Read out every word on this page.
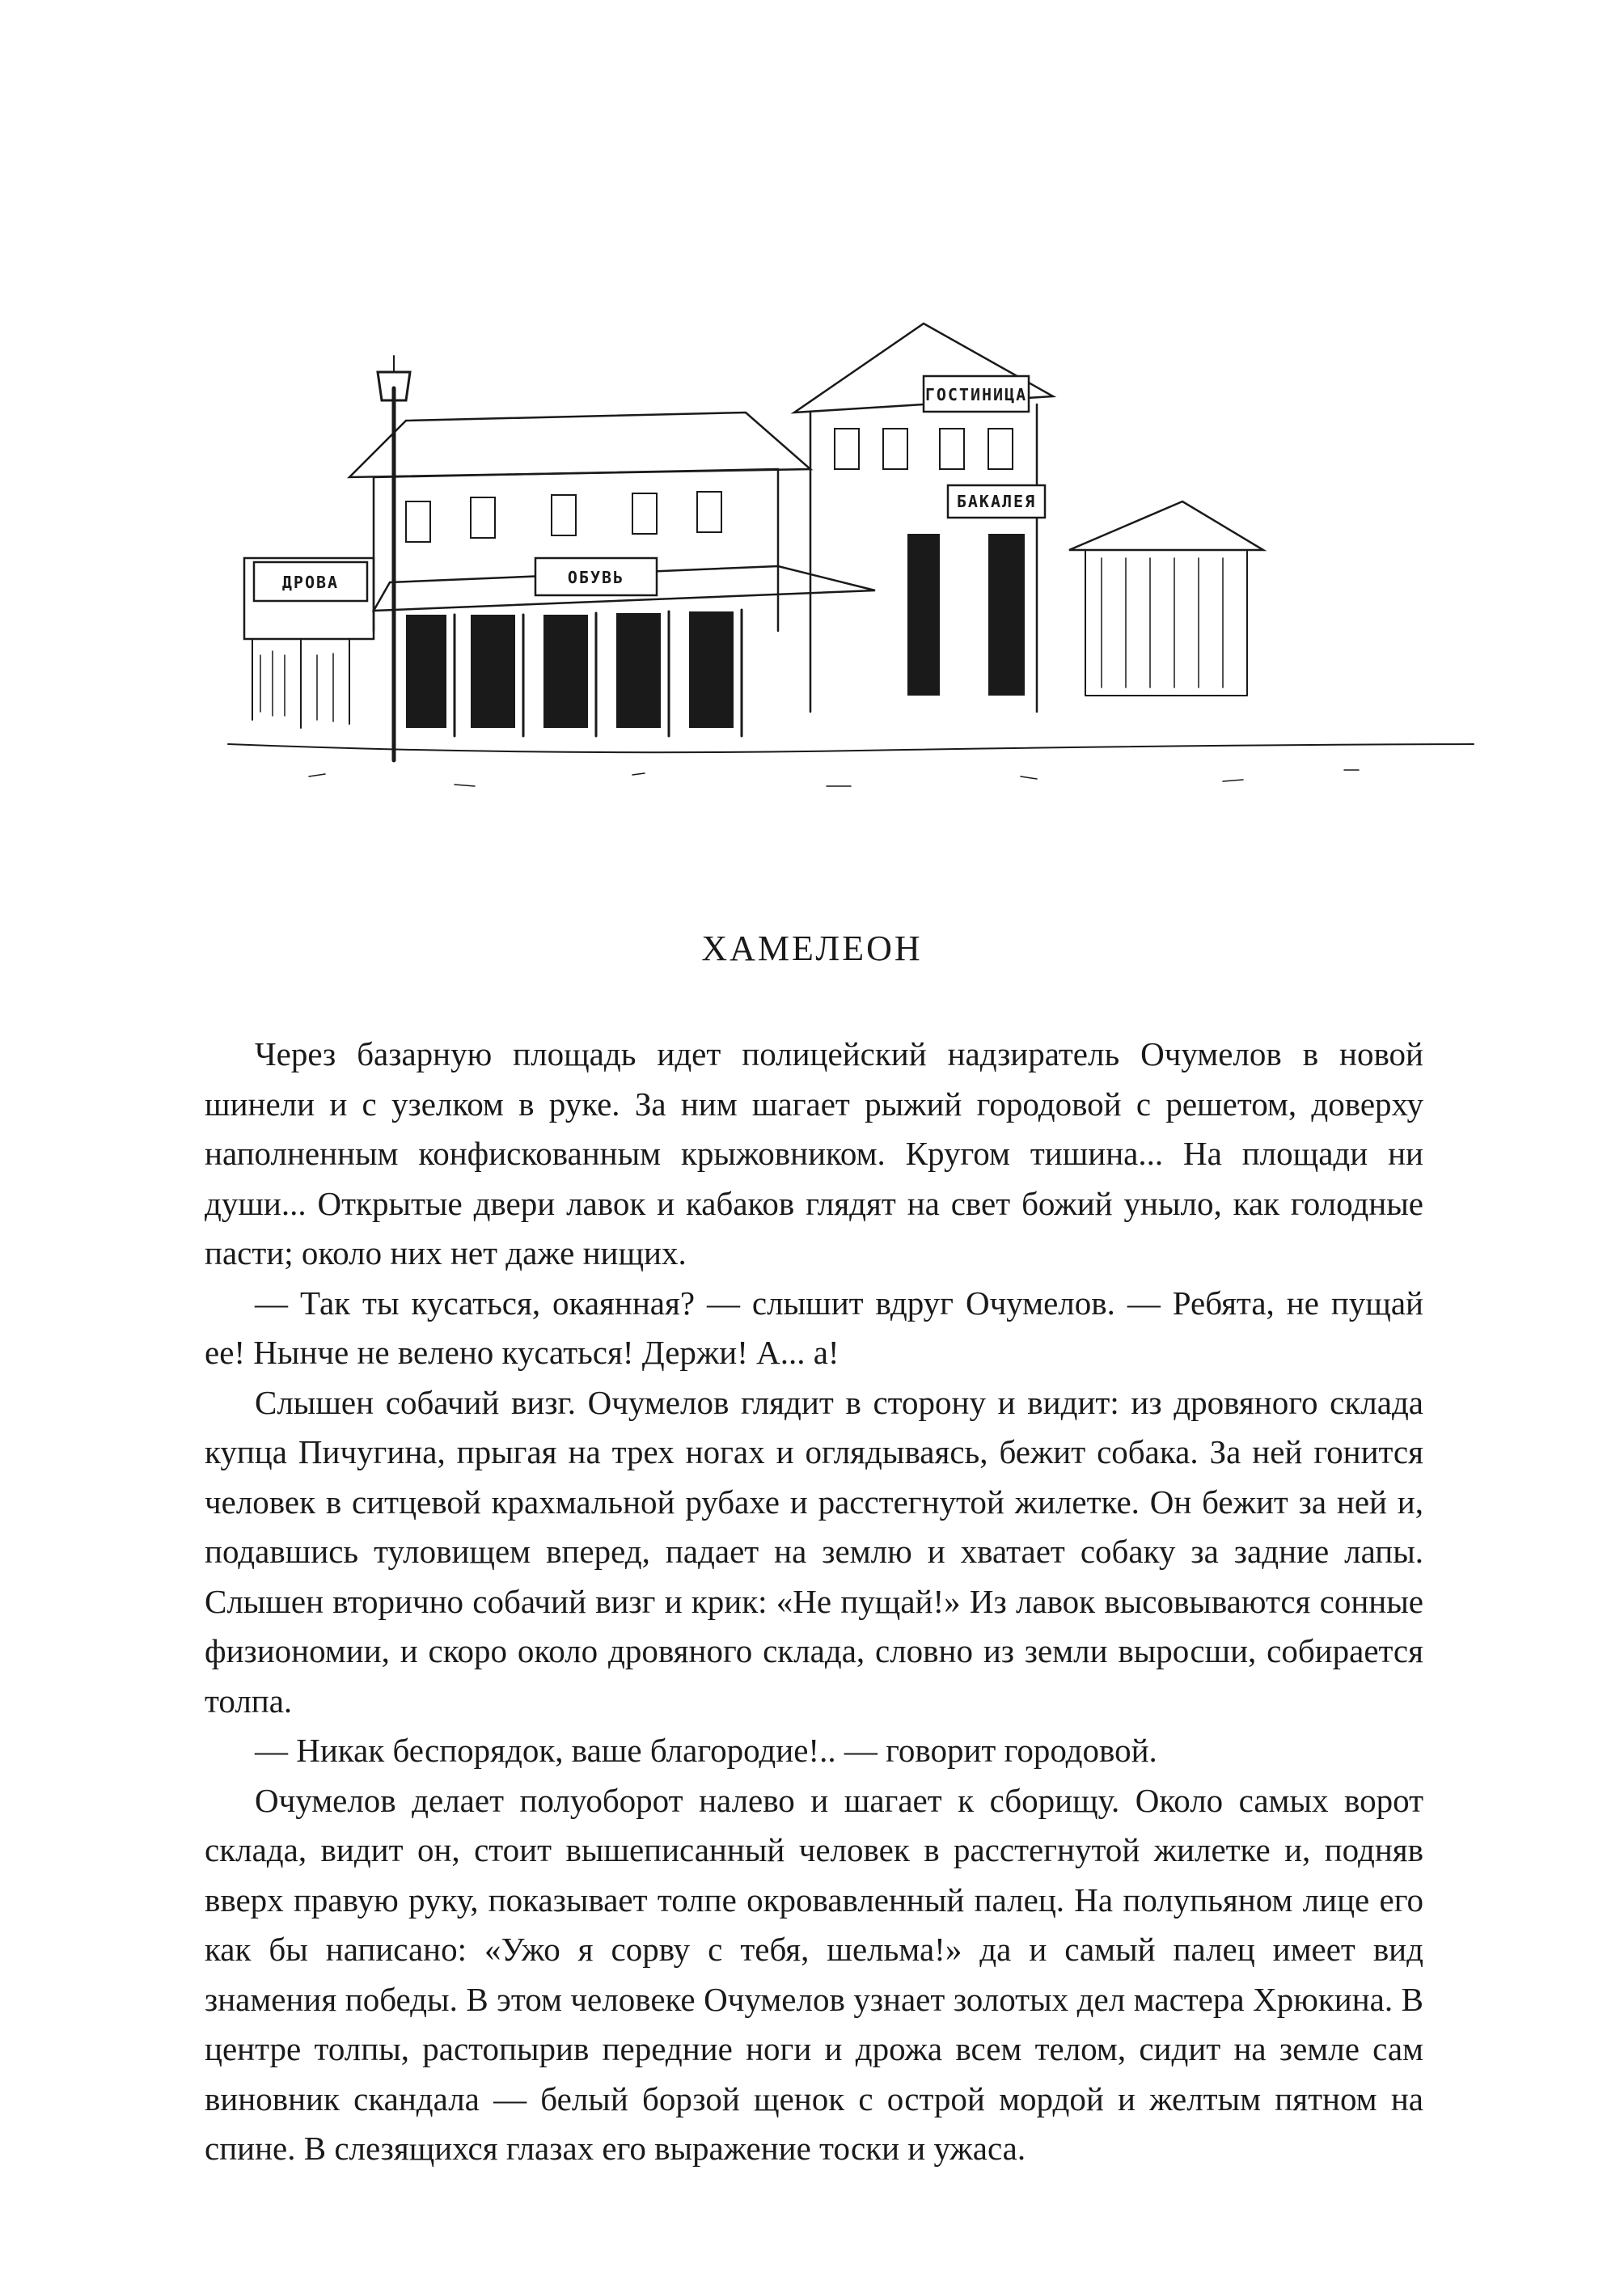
ДРОВА	ОБУВЬ
ГОСТИНИЦА
БАКАЛЕЯ
ХАМЕЛЕОН

Через базарную площадь идет полицейский надзиратель Очумелов в новой шинели и с узелком в руке. За ним шагает рыжий городовой с решетом, доверху наполненным конфискованным крыжовником. Кругом тишина... На площади ни души... Открытые двери лавок и кабаков глядят на свет божий уныло, как голодные пасти; около них нет даже нищих.

— Так ты кусаться, окаянная? — слышит вдруг Очумелов. — Ребята, не пущай ее! Нынче не велено кусаться! Держи! А... а!

Слышен собачий визг. Очумелов глядит в сторону и видит: из дровяного склада купца Пичугина, прыгая на трех ногах и оглядываясь, бежит собака. За ней гонится человек в ситцевой крахмальной рубахе и расстегнутой жилетке. Он бежит за ней и, подавшись туловищем вперед, падает на землю и хватает собаку за задние лапы. Слышен вторично собачий визг и крик: «Не пущай!» Из лавок высовываются сонные физиономии, и скоро около дровяного склада, словно из земли выросши, собирается толпа.

— Никак беспорядок, ваше благородие!.. — говорит городовой.

Очумелов делает полуоборот налево и шагает к сборищу. Около самых ворот склада, видит он, стоит вышеписанный человек в расстегнутой жилетке и, подняв вверх правую руку, показывает толпе окровавленный палец. На полупьяном лице его как бы написано: «Ужо я сорву с тебя, шельма!» да и самый палец имеет вид знамения победы. В этом человеке Очумелов узнает золотых дел мастера Хрюкина. В центре толпы, растопырив передние ноги и дрожа всем телом, сидит на земле сам виновник скандала — белый борзой щенок с острой мордой и желтым пятном на спине. В слезящихся глазах его выражение тоски и ужаса.
